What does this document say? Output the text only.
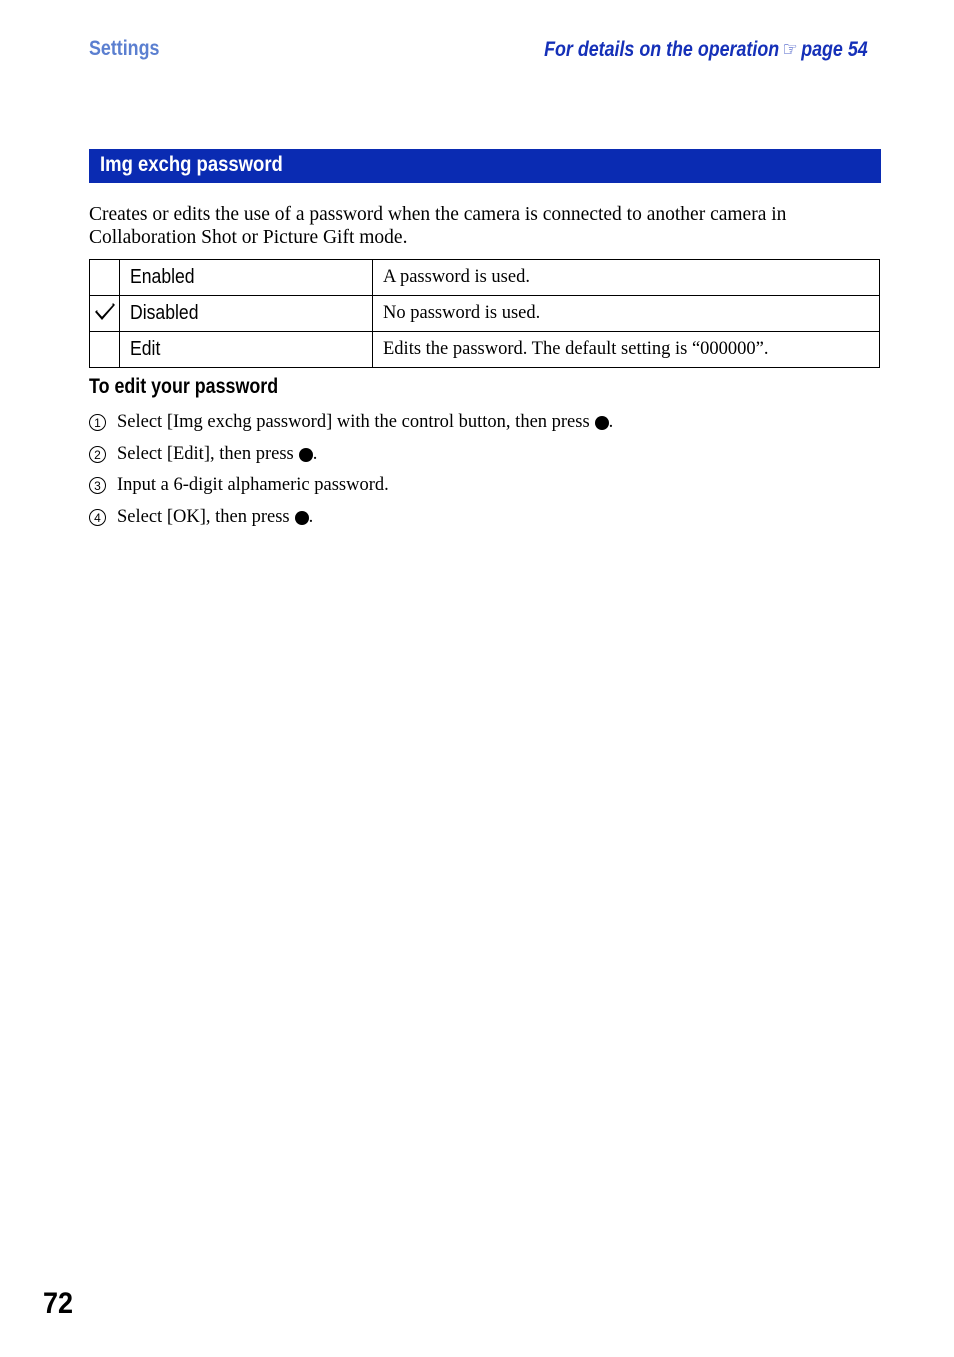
Settings	For details on the operation ☞ page 54
Img exchg password
Creates or edits the use of a password when the camera is connected to another camera in Collaboration Shot or Picture Gift mode.
	Enabled	A password is used.
	Disabled	No password is used.
	Edit	Edits the password. The default setting is “000000”.
To edit your password
1 Select [Img exchg password] with the control button, then press .
2 Select [Edit], then press .
3 Input a 6-digit alphameric password.
4 Select [OK], then press .
72
